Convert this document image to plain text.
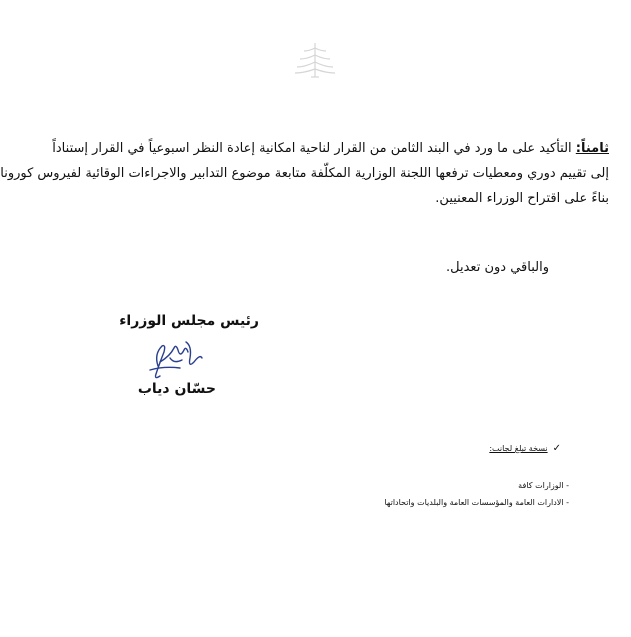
ثامناً: التأكيد على ما ورد في البند الثامن من القرار لناحية امكانية إعادة النظر اسبوعياً في القرار إستناداً
إلى تقييم دوري ومعطيات ترفعها اللجنة الوزارية المكلّفة متابعة موضوع التدابير والاجراءات الوقائية لفيروس كورونا
بناءً على اقتراح الوزراء المعنيين.
والباقي دون تعديل.
رئيس مجلس الوزراء
حسّان دياب
✓
نسخة تبلغ لجانب:
- الوزارات كافة
- الادارات العامة والمؤسسات العامة والبلديات واتحاداتها
